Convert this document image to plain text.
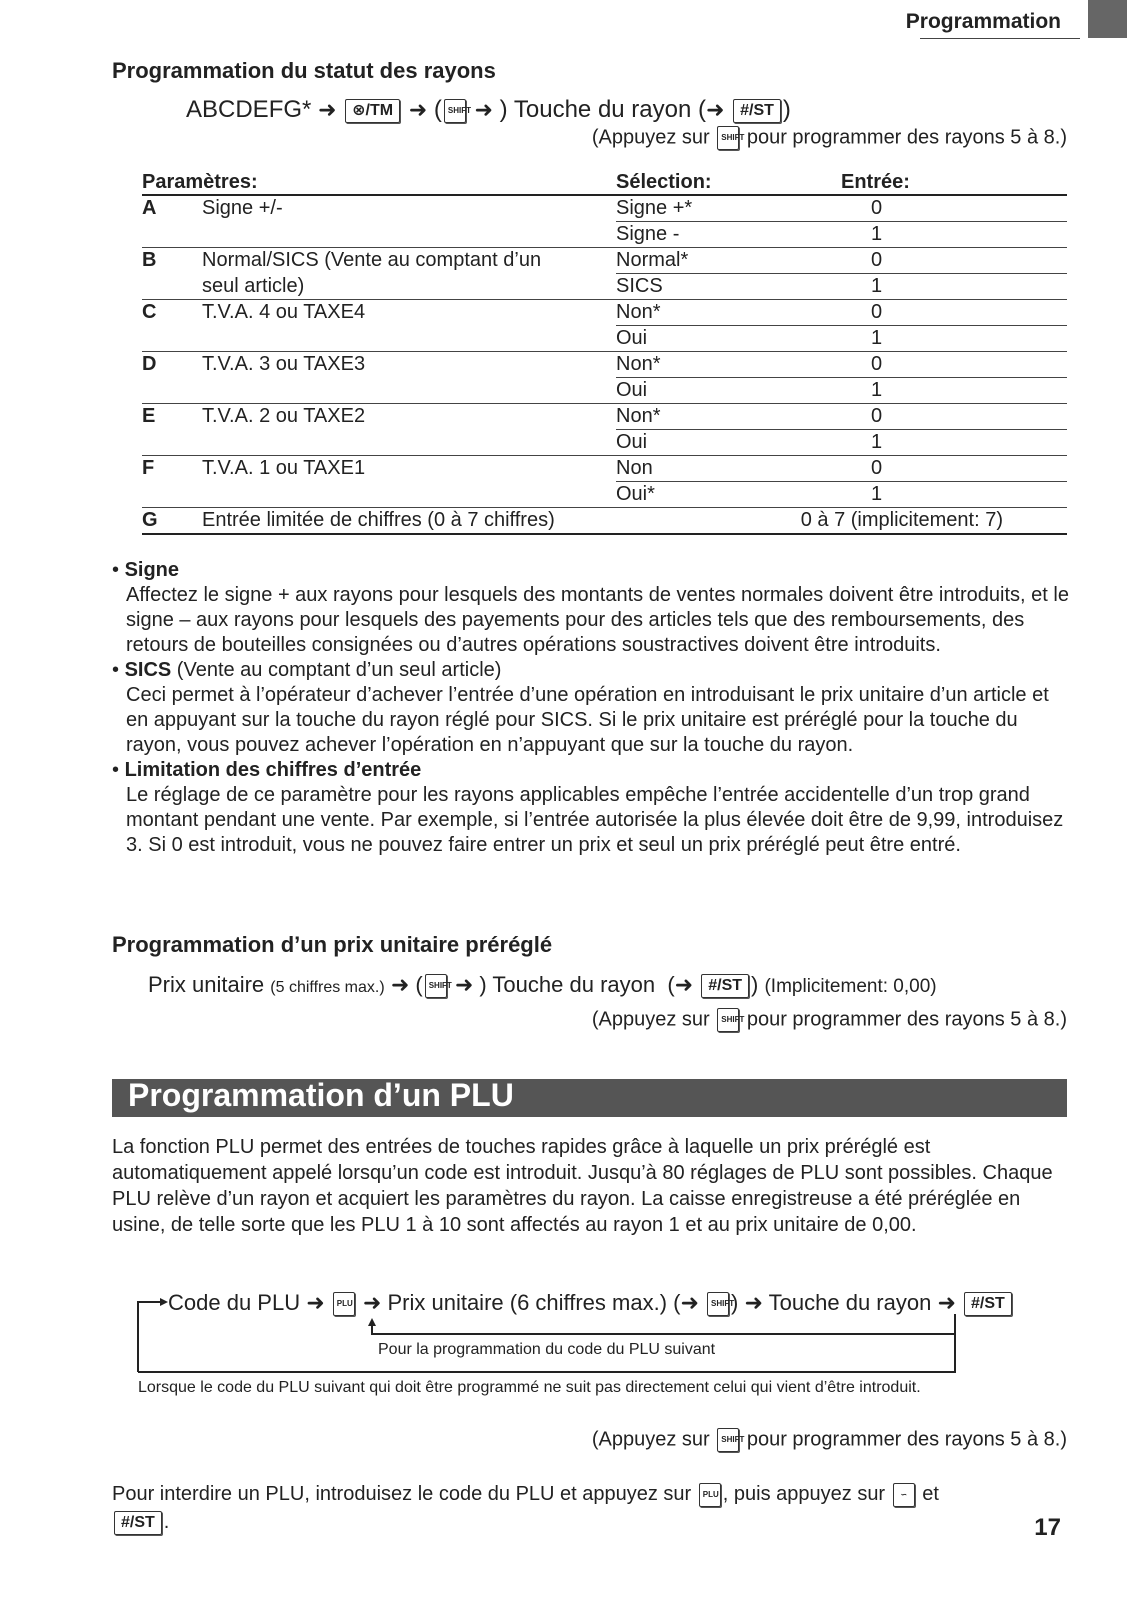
Programmation
Programmation du statut des rayons
ABCDEFG* ➜ ⊗/TM ➜ ( SHIFT ➜ ) Touche du rayon (➜ #/ST )
(Appuyez sur SHIFT pour programmer des rayons 5 à 8.)
Paramètres:		Sélection:	Entrée:
A	Signe +/-	Signe +*	0
		Signe -	1
B	Normal/SICS (Vente au comptant d’un	Normal*	0
	seul article)	SICS	1
C	T.V.A. 4 ou TAXE4	Non*	0
		Oui	1
D	T.V.A. 3 ou TAXE3	Non*	0
		Oui	1
E	T.V.A. 2 ou TAXE2	Non*	0
		Oui	1
F	T.V.A. 1 ou TAXE1	Non	0
		Oui*	1
G	Entrée limitée de chiffres (0 à 7 chiffres)	0 à 7 (implicitement: 7)	
• Signe

Affectez le signe + aux rayons pour lesquels des montants de ventes normales doivent être introduits, et le signe – aux rayons pour lesquels des payements pour des articles tels que des remboursements, des retours de bouteilles consignées ou d’autres opérations soustractives doivent être introduits.

• SICS (Vente au comptant d’un seul article)

Ceci permet à l’opérateur d’achever l’entrée d’une opération en introduisant le prix unitaire d’un article et en appuyant sur la touche du rayon réglé pour SICS. Si le prix unitaire est préréglé pour la touche du rayon, vous pouvez achever l’opération en n’appuyant que sur la touche du rayon.

• Limitation des chiffres d’entrée

Le réglage de ce paramètre pour les rayons applicables empêche l’entrée accidentelle d’un trop grand montant pendant une vente. Par exemple, si l’entrée autorisée la plus élevée doit être de 9,99, introduisez 3. Si 0 est introduit, vous ne pouvez faire entrer un prix et seul un prix préréglé peut être entré.

Programmation d’un prix unitaire préréglé
Prix unitaire (5 chiffres max.) ➜ ( SHIFT ➜ ) Touche du rayon (➜ #/ST ) (Implicitement: 0,00)
(Appuyez sur SHIFT pour programmer des rayons 5 à 8.)
Programmation d’un PLU
La fonction PLU permet des entrées de touches rapides grâce à laquelle un prix préréglé est automatiquement appelé lorsqu’un code est introduit. Jusqu’à 80 réglages de PLU sont possibles. Chaque PLU relève d’un rayon et acquiert les paramètres du rayon. La caisse enregistreuse a été préréglée en usine, de telle sorte que les PLU 1 à 10 sont affectés au rayon 1 et au prix unitaire de 0,00.
Code du PLU ➜ PLU ➜ Prix unitaire (6 chiffres max.) (➜ SHIFT) ➜ Touche du rayon ➜ #/ST
Pour la programmation du code du PLU suivant
Lorsque le code du PLU suivant qui doit être programmé ne suit pas directement celui qui vient d’être introduit.
(Appuyez sur SHIFT pour programmer des rayons 5 à 8.)
Pour interdire un PLU, introduisez le code du PLU et appuyez sur PLU , puis appuyez sur ∽ et
#/ST .	17
